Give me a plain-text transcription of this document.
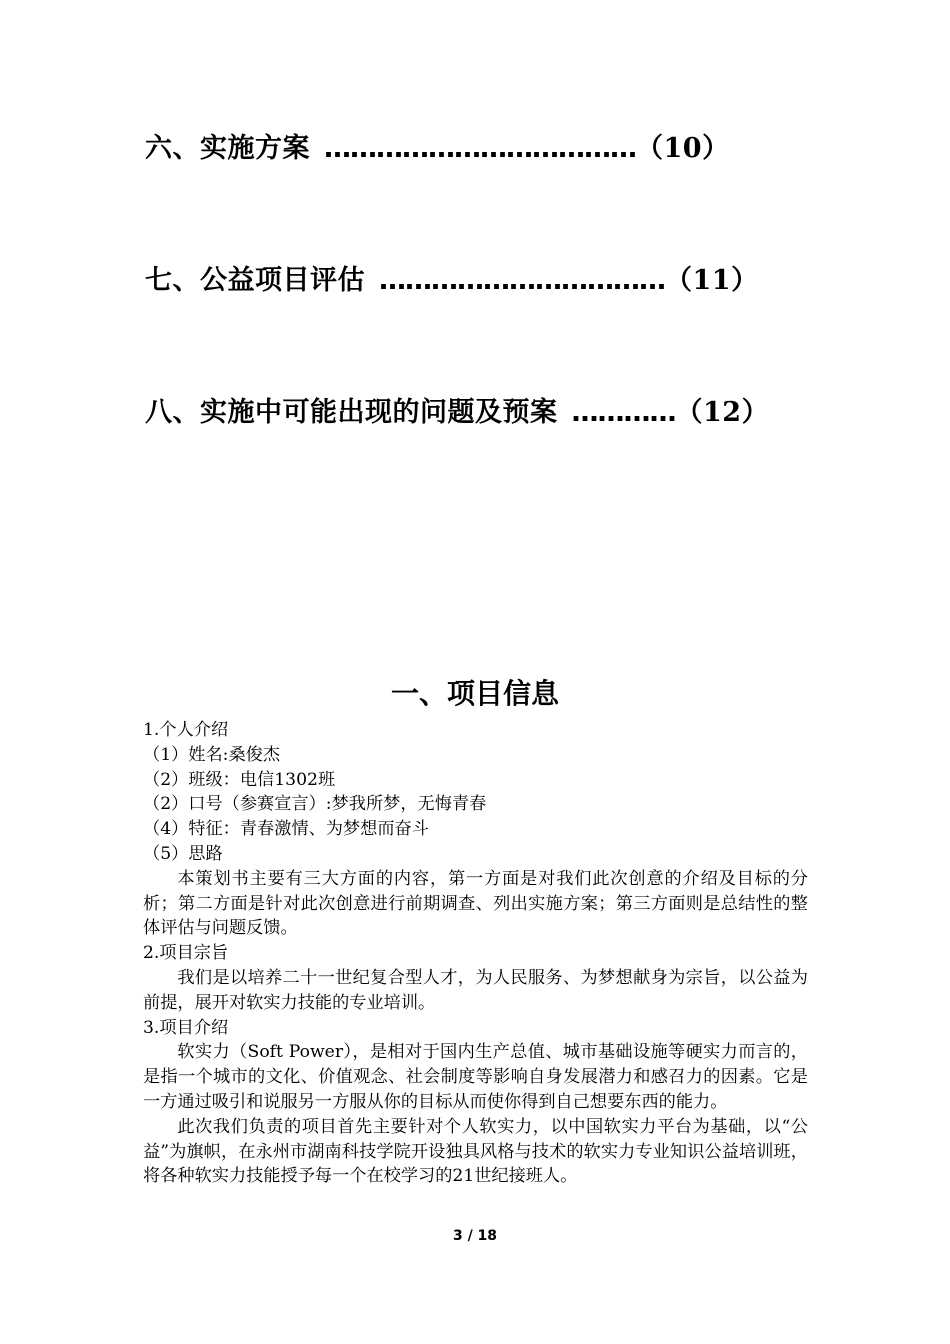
六、实施方案 ………………………………（10）
七、公益项目评估 ……………………………（11）
八、实施中可能出现的问题及预案 …………（12）
一、项目信息

1.个人介绍

（1）姓名:桑俊杰

（2）班级：电信1302班

（2）口号（参赛宣言）:梦我所梦，无悔青春

（4）特征：青春激情、为梦想而奋斗

（5）思路

本策划书主要有三大方面的内容，第一方面是对我们此次创意的介绍及目标的分析；第二方面是针对此次创意进行前期调查、列出实施方案；第三方面则是总结性的整体评估与问题反馈。

2.项目宗旨

我们是以培养二十一世纪复合型人才，为人民服务、为梦想献身为宗旨，以公益为前提，展开对软实力技能的专业培训。

3.项目介绍

软实力（Soft Power），是相对于国内生产总值、城市基础设施等硬实力而言的，是指一个城市的文化、价值观念、社会制度等影响自身发展潜力和感召力的因素。它是一方通过吸引和说服另一方服从你的目标从而使你得到自己想要东西的能力。

此次我们负责的项目首先主要针对个人软实力，以中国软实力平台为基础，以“公益”为旗帜，在永州市湖南科技学院开设独具风格与技术的软实力专业知识公益培训班，将各种软实力技能授予每一个在校学习的21世纪接班人。

3 / 18
